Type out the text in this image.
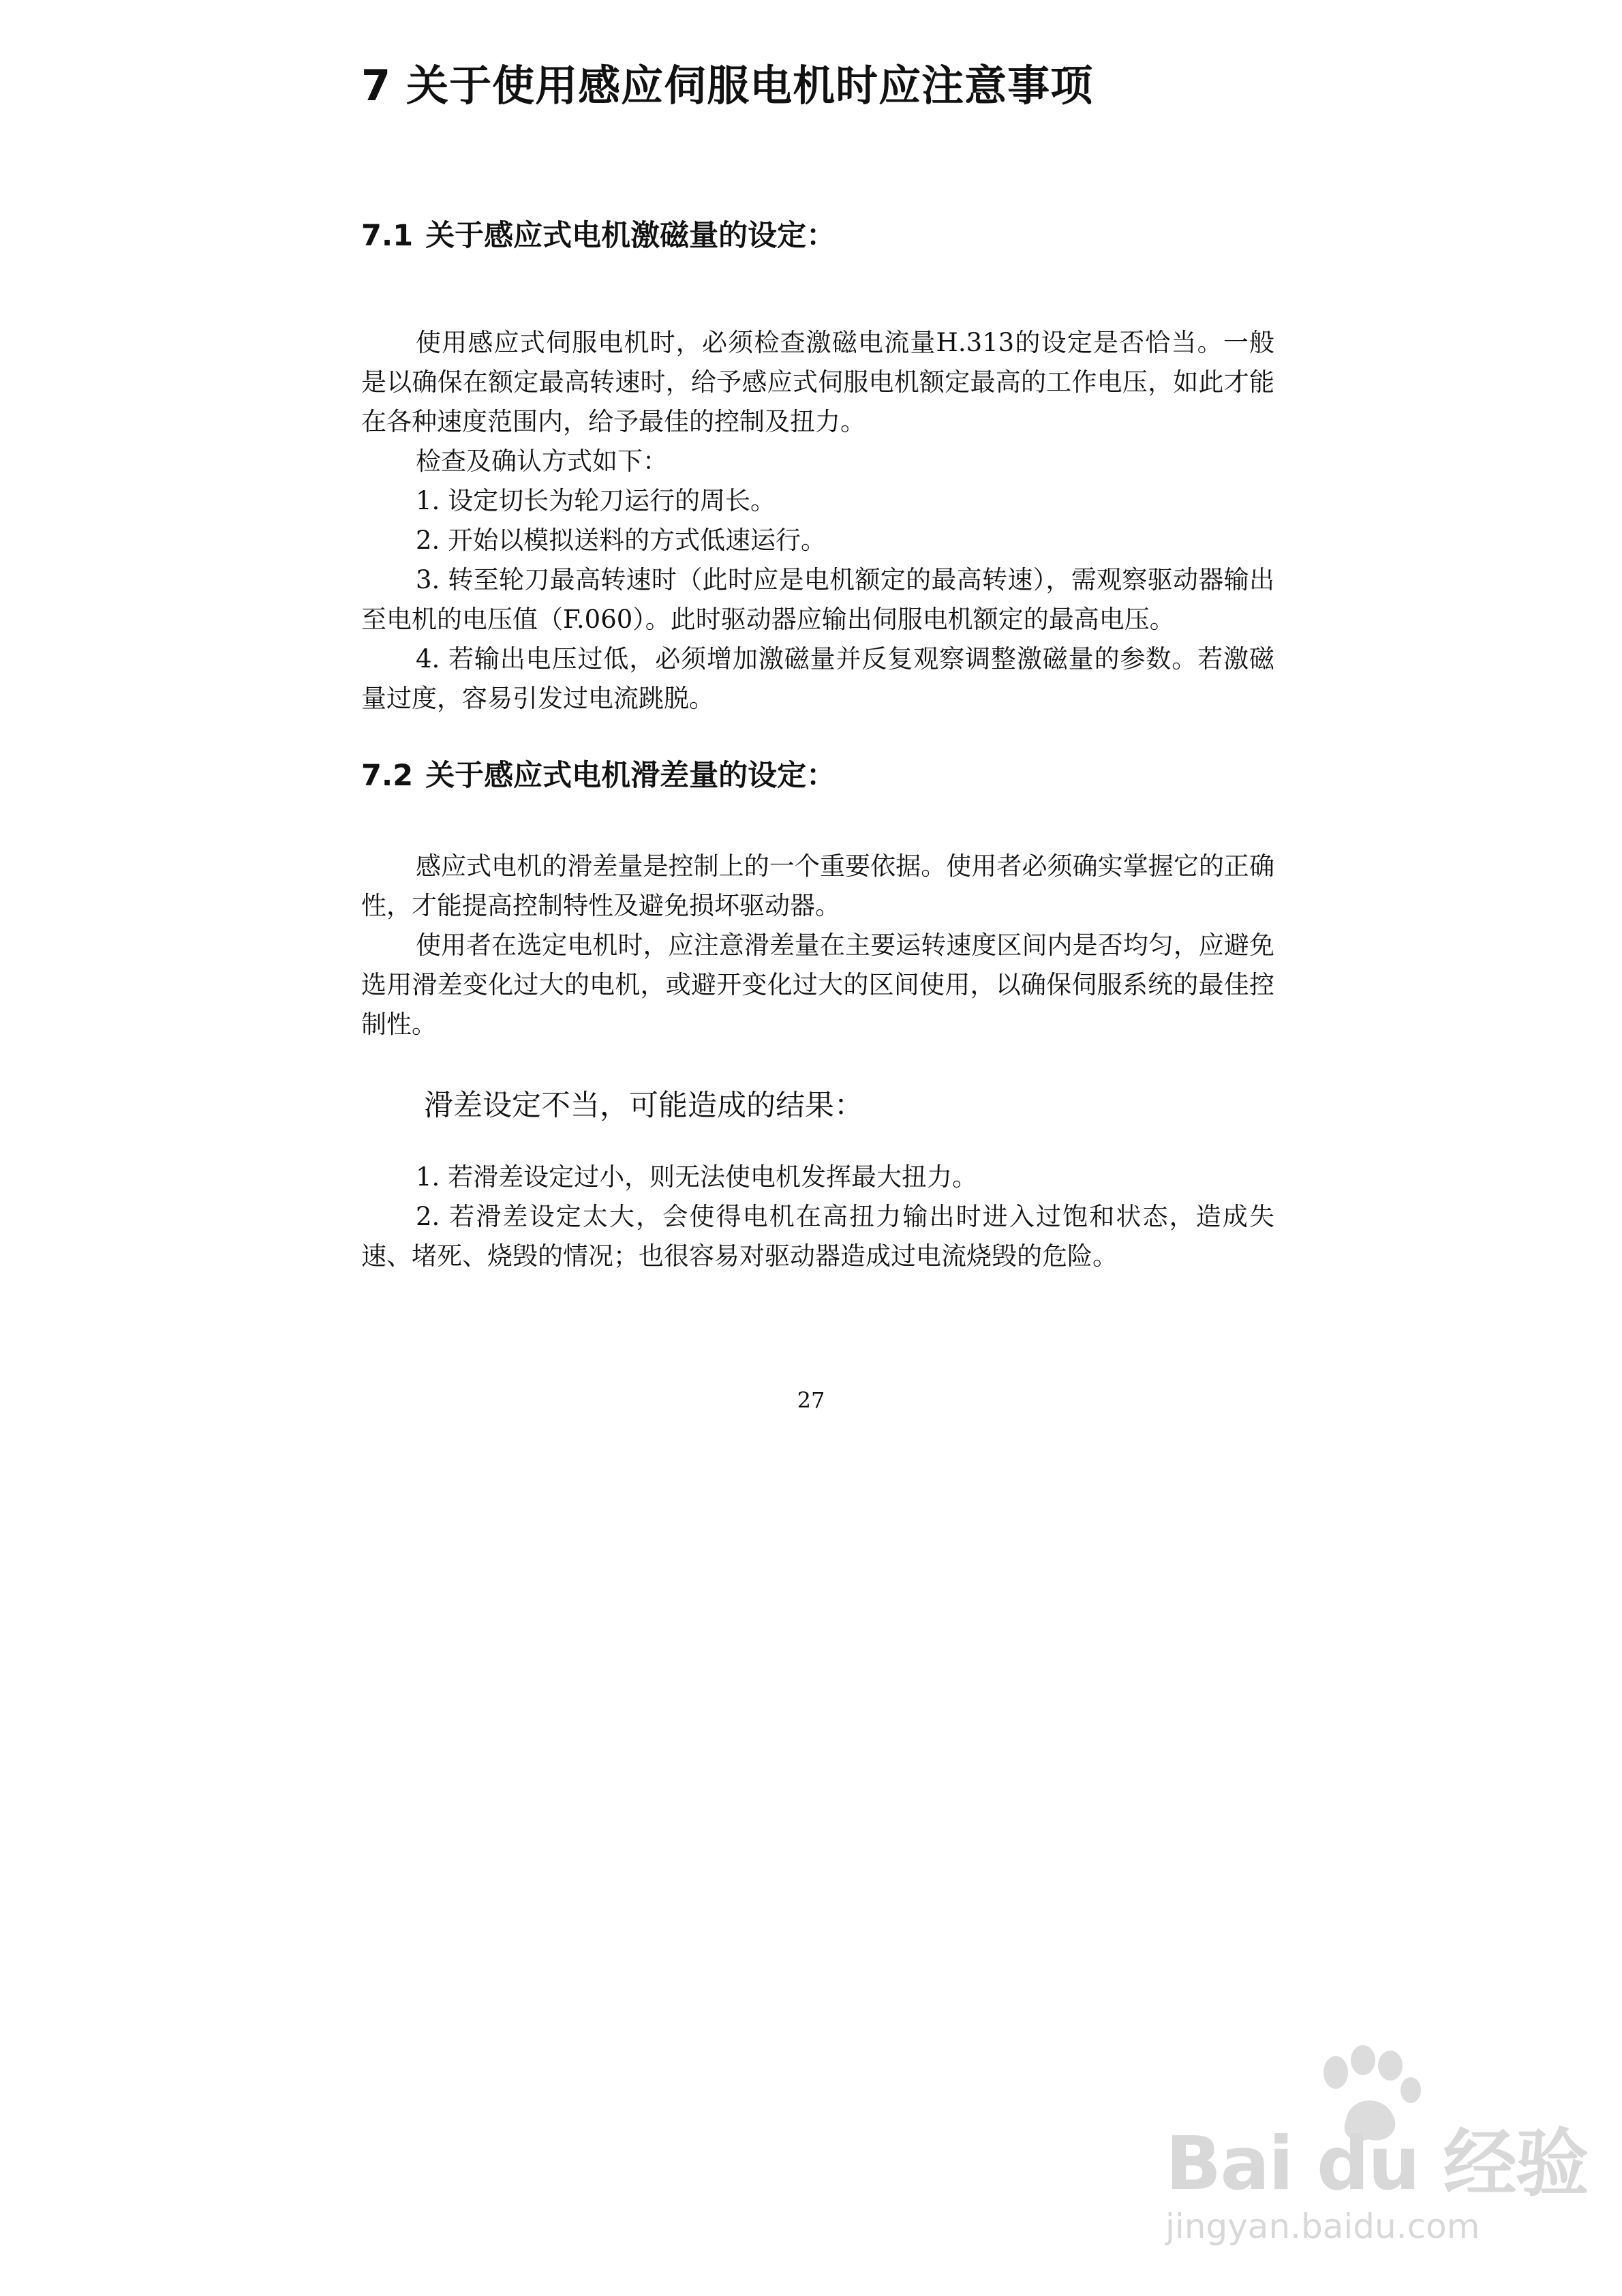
7 关于使用感应伺服电机时应注意事项
7.1 关于感应式电机激磁量的设定：

使用感应式伺服电机时，必须检查激磁电流量H.313的设定是否恰当。一般是以确保在额定最高转速时，给予感应式伺服电机额定最高的工作电压，如此才能在各种速度范围内，给予最佳的控制及扭力。

检查及确认方式如下：

1. 设定切长为轮刀运行的周长。

2. 开始以模拟送料的方式低速运行。

3. 转至轮刀最高转速时（此时应是电机额定的最高转速），需观察驱动器输出至电机的电压值（F.060）。此时驱动器应输出伺服电机额定的最高电压。

4. 若输出电压过低，必须增加激磁量并反复观察调整激磁量的参数。若激磁量过度，容易引发过电流跳脱。

7.2 关于感应式电机滑差量的设定：

感应式电机的滑差量是控制上的一个重要依据。使用者必须确实掌握它的正确性，才能提高控制特性及避免损坏驱动器。

使用者在选定电机时，应注意滑差量在主要运转速度区间内是否均匀，应避免选用滑差变化过大的电机，或避开变化过大的区间使用，以确保伺服系统的最佳控制性。

滑差设定不当，可能造成的结果：

1. 若滑差设定过小，则无法使电机发挥最大扭力。

2. 若滑差设定太大，会使得电机在高扭力输出时进入过饱和状态，造成失速、堵死、烧毁的情况；也很容易对驱动器造成过电流烧毁的危险。

27

Bai du 经验
jingyan.baidu.com
